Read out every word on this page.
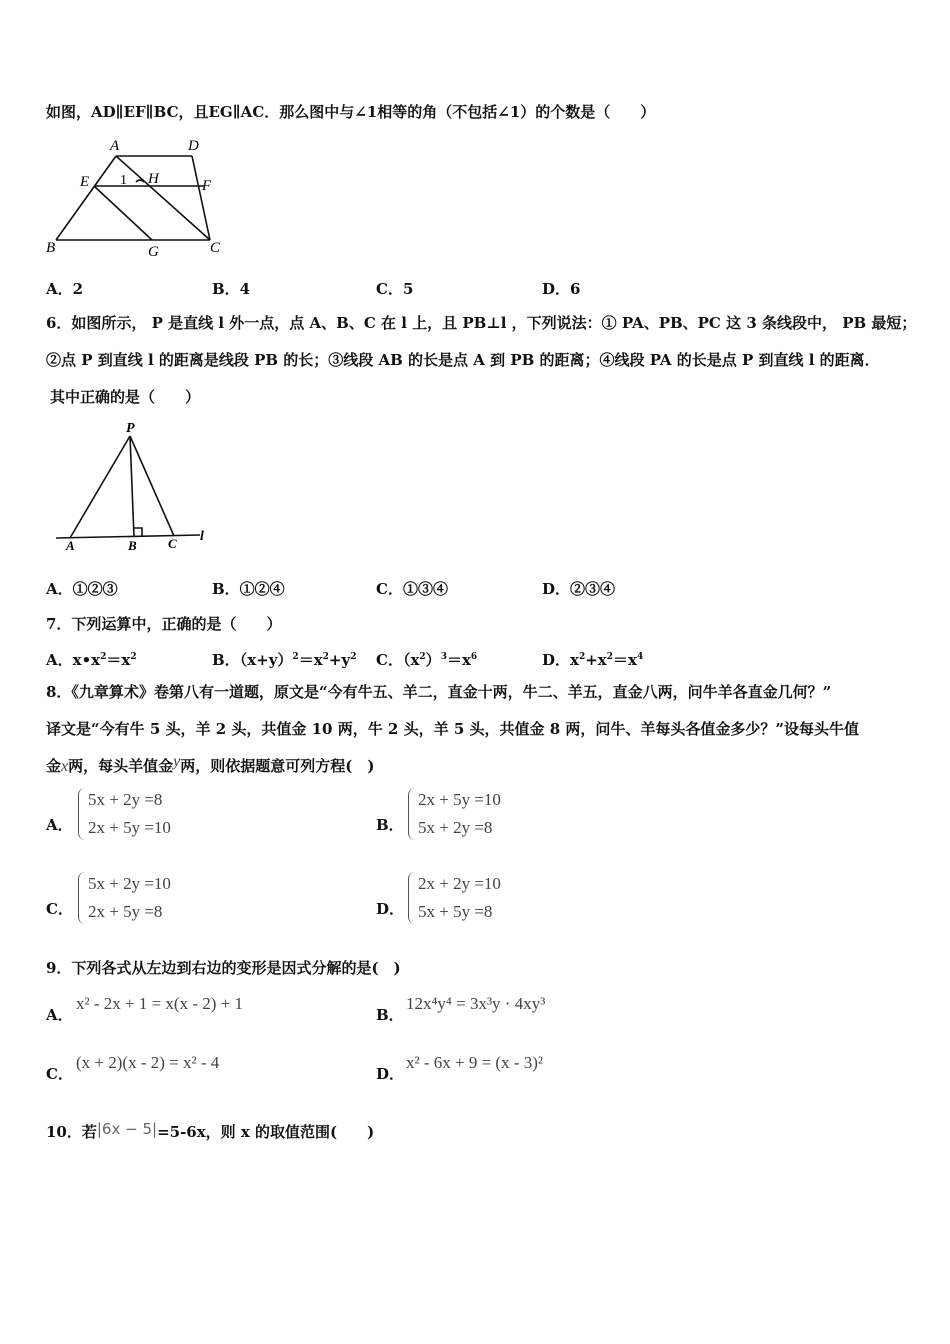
如图，AD∥EF∥BC，且EG∥AC．那么图中与∠1相等的角（不包括∠1）的个数是（　　）
A	D
E 1 H	F
B	G	C
A．2	B．4	C．5	D．6
6．如图所示， P 是直线 l 外一点，点 A、B、C 在 l 上，且 PB⊥l ，下列说法：① PA、PB、PC 这 3 条线段中， PB 最短；
②点 P 到直线 l 的距离是线段 PB 的长；③线段 AB 的长是点 A 到 PB 的距离；④线段 PA 的长是点 P 到直线 l 的距离．
其中正确的是（　　）
P
A	B C l
A．①②③	B．①②④	C．①③④	D．②③④
7．下列运算中，正确的是（　　）
A．$x•x^2=x^2$	B．$(x+y)^2=x^2+y^2$ C．$(x^2)^3=x^6$	D．$x^2+x^2=x^4$
8．《九章算术》卷第八有一道题，原文是“今有牛五、羊二，直金十两，牛二、羊五，直金八两，问牛羊各直金几何？”
译文是“今有牛 5 头，羊 2 头，共值金 10 两，牛 2 头，羊 5 头，共值金 8 两，问牛、羊每头各值金多少？”设每头牛值
金x两，每头羊值金y两，则依据题意可列方程(　)
A．
5x + 2y =8
2x + 5y =10	B．
2x + 5y =10
5x + 2y =8
C．
5x + 2y =10
2x + 5y =8	D．
2x + 2y =10
5x + 5y =8
9．下列各式从左边到右边的变形是因式分解的是(　)
A．
x² - 2x + 1 = x(x - 2) + 1
B．
12x⁴y⁴ = 3x³y · 4xy³
C．
(x + 2)(x - 2) = x² - 4
D．
x² - 6x + 9 = (x - 3)²
10．若|6x − 5|=5-6x，则 x 的取值范围(　　)
